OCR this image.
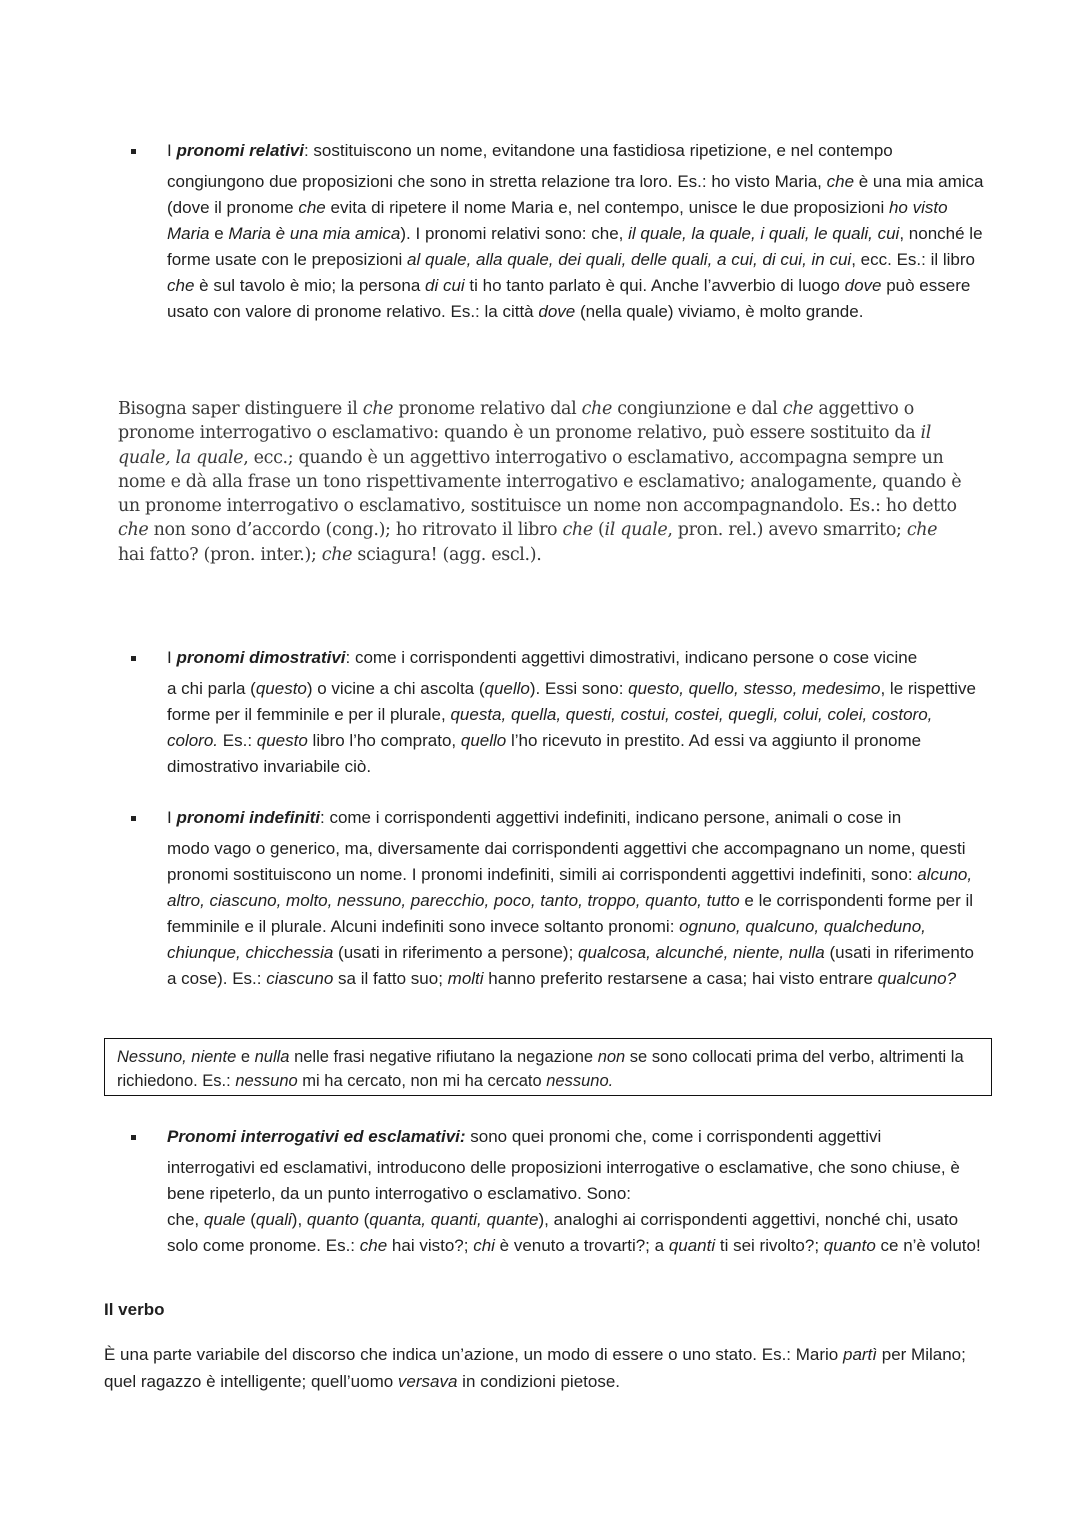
I pronomi relativi: sostituiscono un nome, evitandone una fastidiosa ripetizione, e nel contempo

congiungono due proposizioni che sono in stretta relazione tra loro. Es.: ho visto Maria, che è una mia amica (dove il pronome che evita di ripetere il nome Maria e, nel contempo, unisce le due proposizioni ho visto Maria e Maria è una mia amica). I pronomi relativi sono: che, il quale, la quale, i quali, le quali, cui, nonché le forme usate con le preposizioni al quale, alla quale, dei quali, delle quali, a cui, di cui, in cui, ecc. Es.: il libro che è sul tavolo è mio; la persona di cui ti ho tanto parlato è qui. Anche l’avverbio di luogo dove può essere usato con valore di pronome relativo. Es.: la città dove (nella quale) viviamo, è molto grande.

Bisogna saper distinguere il che pronome relativo dal che congiunzione e dal che aggettivo o pronome interrogativo o esclamativo: quando è un pronome relativo, può essere sostituito da il quale, la quale, ecc.; quando è un aggettivo interrogativo o esclamativo, accompagna sempre un nome e dà alla frase un tono rispettivamente interrogativo e esclamativo; analogamente, quando è un pronome interrogativo o esclamativo, sostituisce un nome non accompagnandolo. Es.: ho detto che non sono d’accordo (cong.); ho ritrovato il libro che (il quale, pron. rel.) avevo smarrito; che hai fatto? (pron. inter.); che sciagura! (agg. escl.).

I pronomi dimostrativi: come i corrispondenti aggettivi dimostrativi, indicano persone o cose vicine

a chi parla (questo) o vicine a chi ascolta (quello). Essi sono: questo, quello, stesso, medesimo, le rispettive forme per il femminile e per il plurale, questa, quella, questi, costui, costei, quegli, colui, colei, costoro, coloro. Es.: questo libro l’ho comprato, quello l’ho ricevuto in prestito. Ad essi va aggiunto il pronome dimostrativo invariabile ciò.

I pronomi indefiniti: come i corrispondenti aggettivi indefiniti, indicano persone, animali o cose in

modo vago o generico, ma, diversamente dai corrispondenti aggettivi che accompagnano un nome, questi pronomi sostituiscono un nome. I pronomi indefiniti, simili ai corrispondenti aggettivi indefiniti, sono: alcuno, altro, ciascuno, molto, nessuno, parecchio, poco, tanto, troppo, quanto, tutto e le corrispondenti forme per il femminile e il plurale. Alcuni indefiniti sono invece soltanto pronomi: ognuno, qualcuno, qualcheduno, chiunque, chicchessia (usati in riferimento a persone); qualcosa, alcunché, niente, nulla (usati in riferimento a cose). Es.: ciascuno sa il fatto suo; molti hanno preferito restarsene a casa; hai visto entrare qualcuno?

Nessuno, niente e nulla nelle frasi negative rifiutano la negazione non se sono collocati prima del verbo, altrimenti la richiedono. Es.: nessuno mi ha cercato, non mi ha cercato nessuno.

Pronomi interrogativi ed esclamativi: sono quei pronomi che, come i corrispondenti aggettivi

interrogativi ed esclamativi, introducono delle proposizioni interrogative o esclamative, che sono chiuse, è bene ripeterlo, da un punto interrogativo o esclamativo. Sono:
che, quale (quali), quanto (quanta, quanti, quante), analoghi ai corrispondenti aggettivi, nonché chi, usato solo come pronome. Es.: che hai visto?; chi è venuto a trovarti?; a quanti ti sei rivolto?; quanto ce n’è voluto!

Il verbo

È una parte variabile del discorso che indica un’azione, un modo di essere o uno stato. Es.: Mario partì per Milano; quel ragazzo è intelligente; quell’uomo versava in condizioni pietose.
